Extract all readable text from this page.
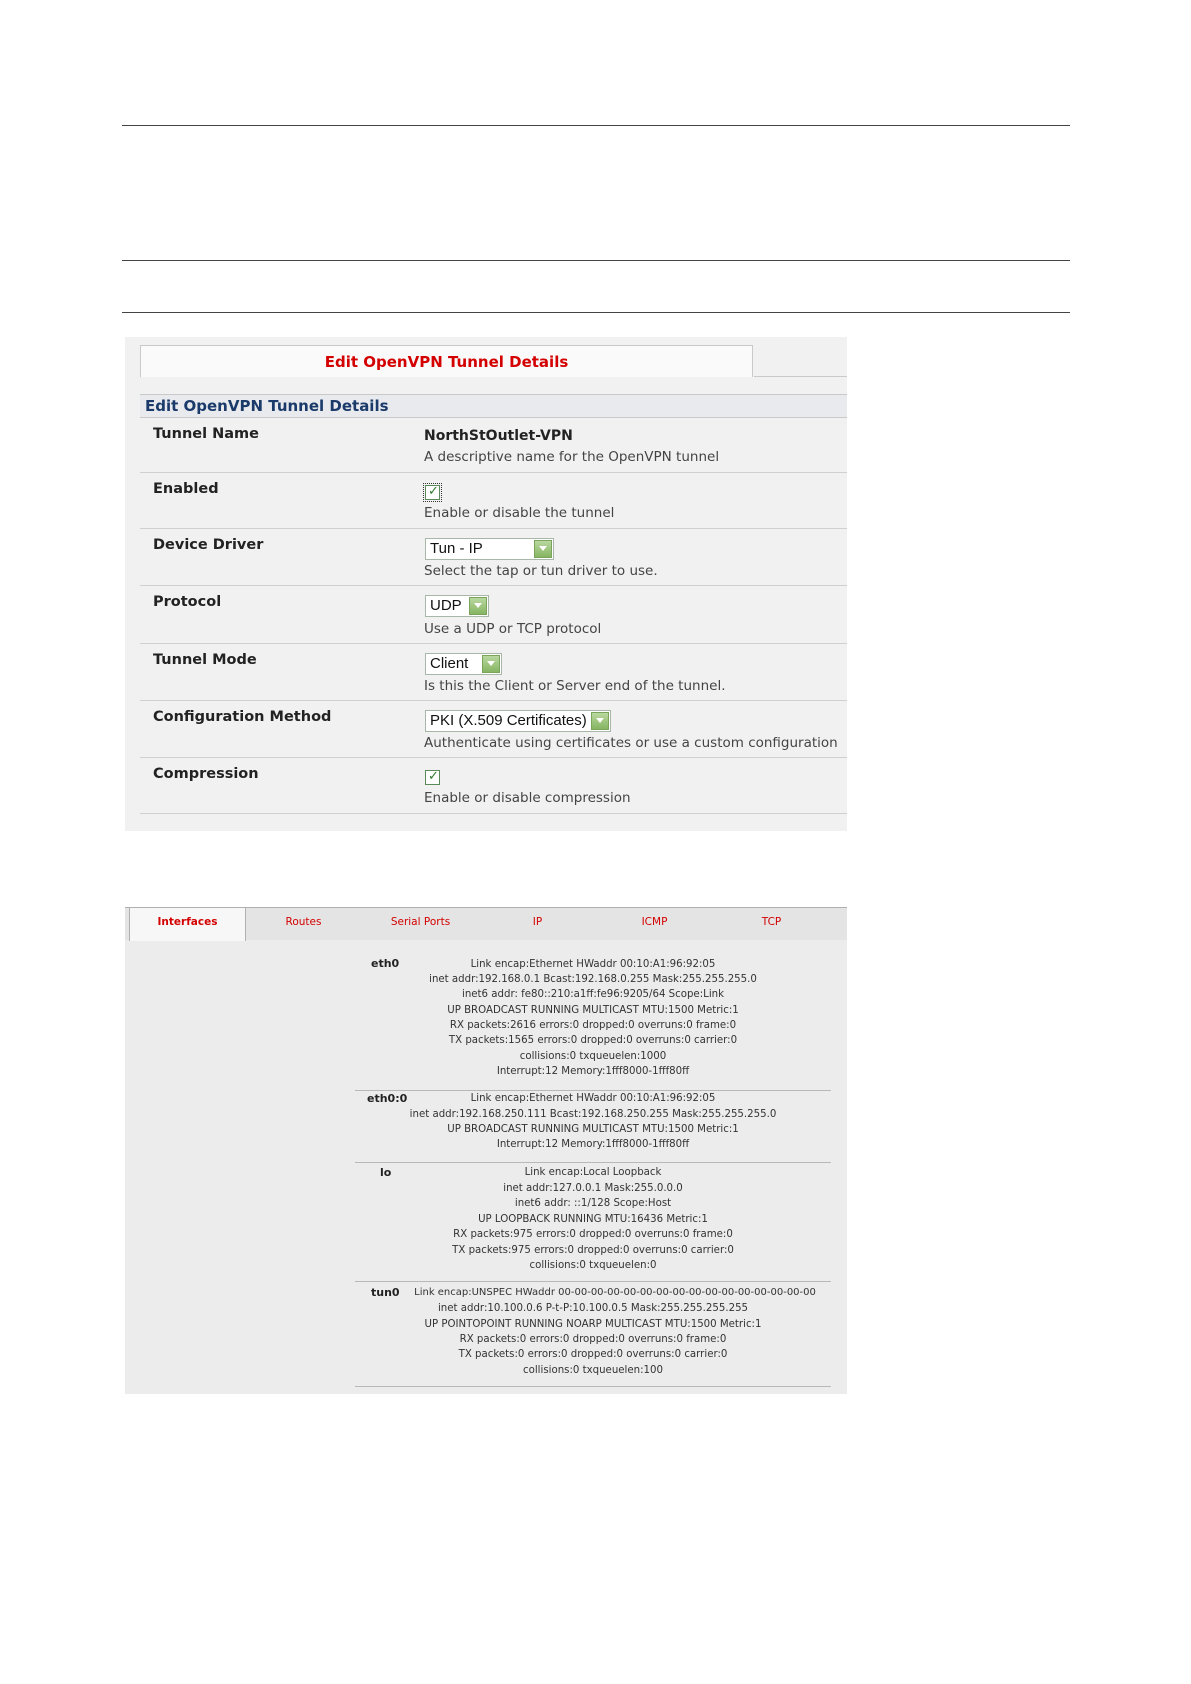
Edit OpenVPN Tunnel Details
Edit OpenVPN Tunnel Details
Tunnel Name	NorthStOutlet-VPN
A descriptive name for the OpenVPN tunnel
Enabled	✓
Enable or disable the tunnel
Device Driver	Tun - IP
Select the tap or tun driver to use.
Protocol	UDP
Use a UDP or TCP protocol
Tunnel Mode	Client
Is this the Client or Server end of the tunnel.
Configuration Method	PKI (X.509 Certificates)
Authenticate using certificates or use a custom configuration
Compression	✓
Enable or disable compression
Interfaces	Routes	Serial Ports	IP	ICMP	TCP
eth0	Link encap:Ethernet HWaddr 00:10:A1:96:92:05
inet addr:192.168.0.1 Bcast:192.168.0.255 Mask:255.255.255.0
inet6 addr: fe80::210:a1ff:fe96:9205/64 Scope:Link
UP BROADCAST RUNNING MULTICAST MTU:1500 Metric:1
RX packets:2616 errors:0 dropped:0 overruns:0 frame:0
TX packets:1565 errors:0 dropped:0 overruns:0 carrier:0
collisions:0 txqueuelen:1000
Interrupt:12 Memory:1fff8000-1fff80ff
eth0:0	Link encap:Ethernet HWaddr 00:10:A1:96:92:05
inet addr:192.168.250.111 Bcast:192.168.250.255 Mask:255.255.255.0
UP BROADCAST RUNNING MULTICAST MTU:1500 Metric:1
Interrupt:12 Memory:1fff8000-1fff80ff
lo	Link encap:Local Loopback
inet addr:127.0.0.1 Mask:255.0.0.0
inet6 addr: ::1/128 Scope:Host
UP LOOPBACK RUNNING MTU:16436 Metric:1
RX packets:975 errors:0 dropped:0 overruns:0 frame:0
TX packets:975 errors:0 dropped:0 overruns:0 carrier:0
collisions:0 txqueuelen:0
tun0	Link encap:UNSPEC HWaddr 00-00-00-00-00-00-00-00-00-00-00-00-00-00-00-00
inet addr:10.100.0.6 P-t-P:10.100.0.5 Mask:255.255.255.255
UP POINTOPOINT RUNNING NOARP MULTICAST MTU:1500 Metric:1
RX packets:0 errors:0 dropped:0 overruns:0 frame:0
TX packets:0 errors:0 dropped:0 overruns:0 carrier:0
collisions:0 txqueuelen:100
